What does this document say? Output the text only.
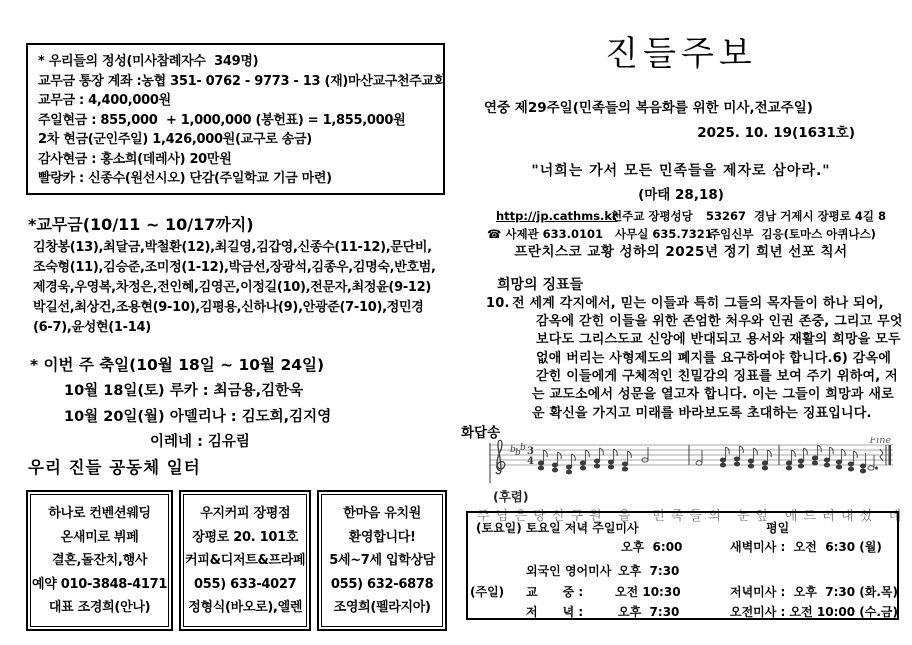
* 우리들의 정성(미사참례자수  349명)
교무금 통장 계좌 :농협 351- 0762 - 9773 - 13 (재)마산교구천주교회
교무금 : 4,400,000원
주일현금 : 855,000  + 1,000,000 (봉헌표) = 1,855,000원
2차 현금(군인주일) 1,426,000원(교구로 송금)
감사현금 : 홍소희(데레사) 20만원
빨랑카 : 신종수(원선시오) 단감(주일학교 기금 마련)
*교무금(10/11 ~ 10/17까지)
김창봉(13),최달금,박철환(12),최길영,김갑영,신종수(11-12),문단비,
조숙형(11),김승준,조미정(1-12),박금선,장광석,김종우,김명숙,반호범,
제경욱,우영복,차정은,전인혜,김영곤,이정길(10),전문자,최정윤(9-12)
박길선,최상건,조용현(9-10),김평용,신하나(9),안광준(7-10),정민경
(6-7),윤성현(1-14)
* 이번 주 축일(10월 18일 ~ 10월 24일)
10월 18일(토) 루카 : 최금용,김한욱
10월 20일(월) 아델리나 : 김도희,김지영
이레네 : 김유림
우리 진들 공동체 일터
하나로 컨벤션웨딩
온새미로 뷔페
결혼,돌잔치,행사
예약 010-3848-4171
대표 조경희(안나)
우지커피 장평점
장평로 20. 101호
커피&디저트&프라페
055) 633-4027
정형식(바오로),엘렌
한마음 유치원
환영합니다!
5세~7세 입학상담
055) 632-6878
조영희(펠라지아)
진들주보
연중 제29주일(민족들의 복음화를 위한 미사,전교주일)
2025. 10. 19(1631호)
"너희는 가서 모든 민족들을 제자로 삼아라."
(마태 28,18)
http://jp.cathms.kr
천주교 장평성당 53267  경남 거제시 장평로 4길 8
☎ 사제관 633.0101   사무실 635.7321
주임신부  김응(토마스 아퀴나스)
프란치스코 교황 성하의 2025년 정기 희년 선포 칙서
희망의 징표들
10. 전 세계 각지에서, 믿는 이들과 특히 그들의 목자들이 하나 되어,
감옥에 갇힌 이들을 위한 존엄한 처우와 인권 존중, 그리고 무엇
보다도 그리스도교 신앙에 반대되고 용서와 재활의 희망을 모두
없애 버리는 사형제도의 폐지를 요구하여야 합니다.6) 감옥에
갇힌 이들에게 구체적인 친밀감의 징표를 보여 주기 위하여, 저
는 교도소에서 성문을 열고자 합니다. 이는 그들이 희망과 새로
운 확신을 가지고 미래를 바라보도록 초대하는 징표입니다.
화답송
b b b 3
4
Fine
(후렴) 주 님 은 당 신 구 원   을    민 족 들 의   눈 앞   에 드 러 내 셨   네
(토요일) 토요일 저녁 주일미사	평일
오후  6:00	새벽미사 :  오전  6:30 (월)
외국인 영어미사 오후  7:30
(주일) 교      중 :	오전 10:30	저녁미사 :  오후  7:30 (화.목)
저      녁 :	오후  7:30	오전미사 : 오전 10:00 (수.금)
